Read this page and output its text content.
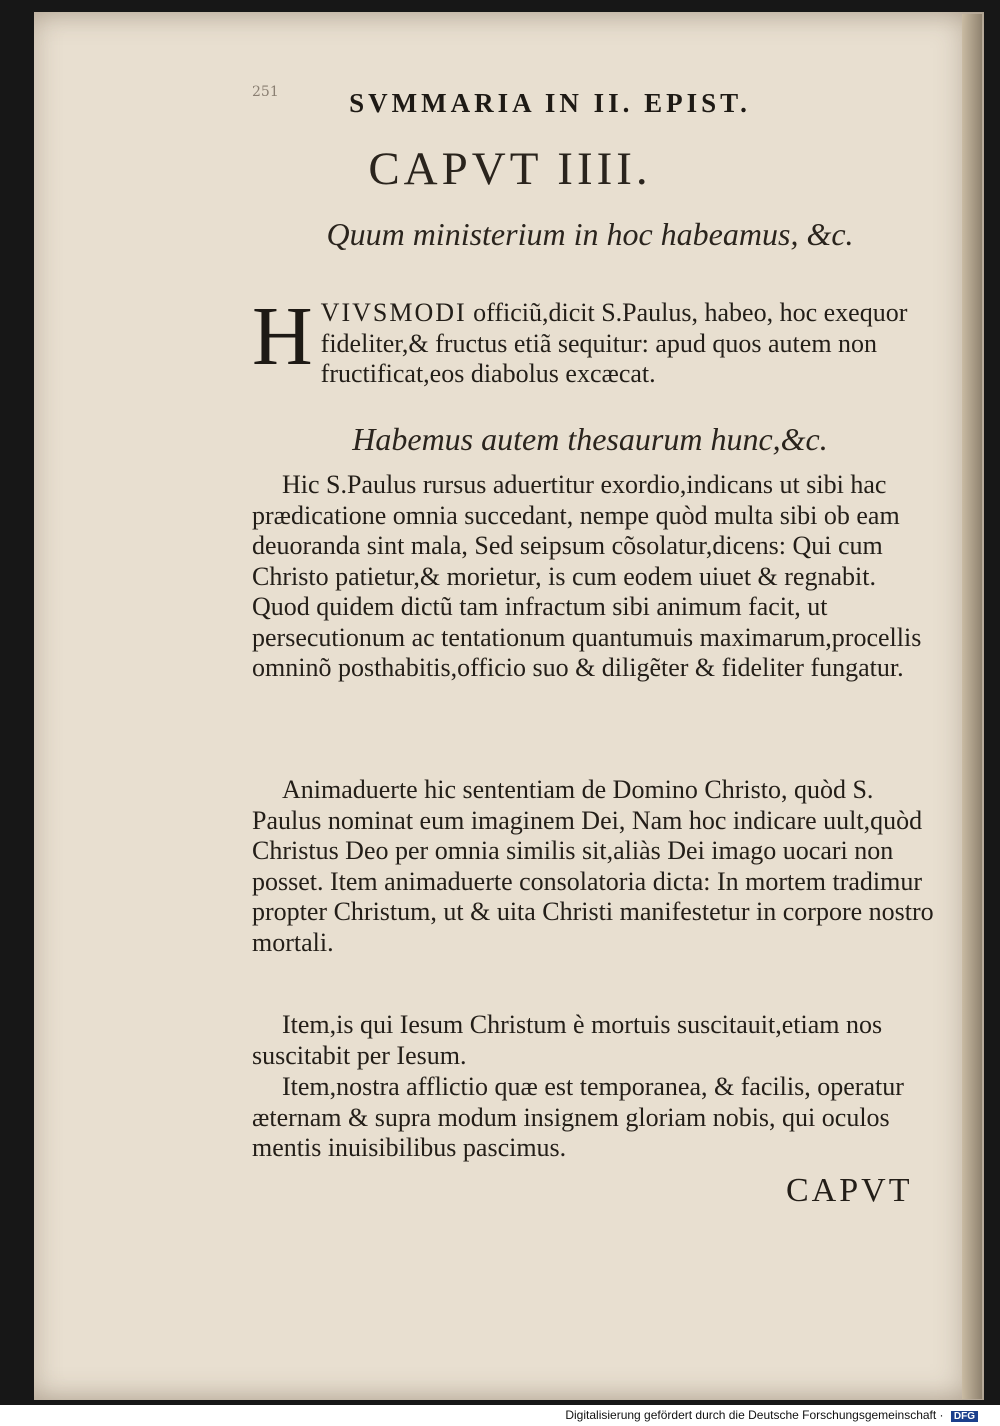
251	SVMMARIA IN II. EPIST.
CAPVT IIII.
Quum ministerium in hoc habeamus, &c.
HVIVSMODI officiũ,dicit S.Paulus, habeo, hoc exequor fideliter,& fructus etiã sequitur: apud quos autem non fructificat,eos diabolus excæcat.
Habemus autem thesaurum hunc,&c.
Hic S.Paulus rursus aduertitur exordio,indicans ut sibi hac prædicatione omnia succedant, nempe quòd multa sibi ob eam deuoranda sint mala, Sed seipsum cõsolatur,dicens: Qui cum Christo patietur,& morietur, is cum eodem uiuet & regnabit. Quod quidem dictũ tam infractum sibi animum facit, ut persecutionum ac tentationum quantumuis maximarum,procellis omninõ posthabitis,officio suo & diligẽter & fideliter fungatur.
Animaduerte hic sententiam de Domino Christo, quòd S. Paulus nominat eum imaginem Dei, Nam hoc indicare uult,quòd Christus Deo per omnia similis sit,aliàs Dei imago uocari non posset. Item animaduerte consolatoria dicta: In mortem tradimur propter Christum, ut & uita Christi manifestetur in corpore nostro mortali.
Item,is qui Iesum Christum è mortuis suscitauit,etiam nos suscitabit per Iesum.
Item,nostra afflictio quæ est temporanea, & facilis, operatur æternam & supra modum insignem gloriam nobis, qui oculos mentis inuisibilibus pascimus.
CAPVT
Digitalisierung gefördert durch die Deutsche Forschungsgemeinschaft · DFG
